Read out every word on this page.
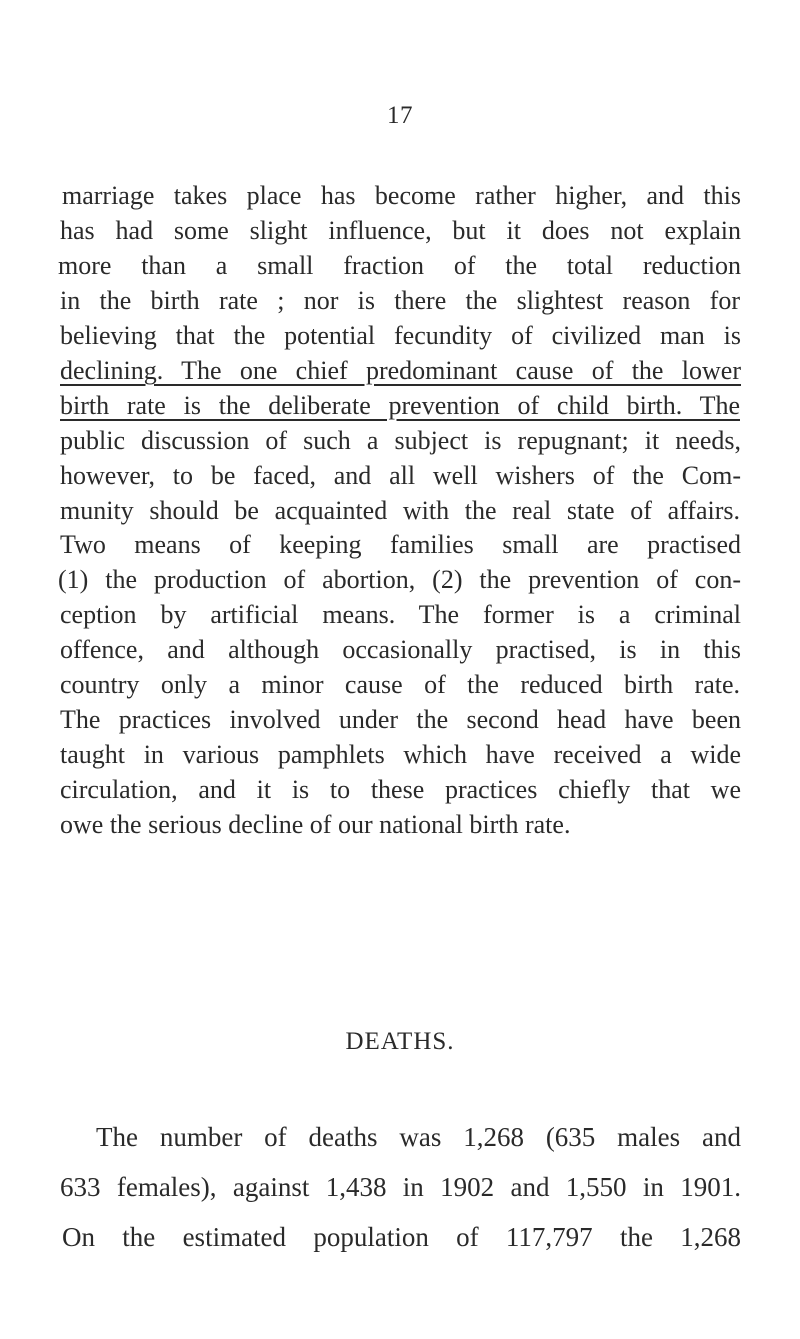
17
marriage takes place has become rather higher, and this
has had some slight influence, but it does not explain
more than a small fraction of the total reduction
in the birth rate ; nor is there the slightest reason for
believing that the potential fecundity of civilized man is
declining. The one chief predominant cause of the lower
birth rate is the deliberate prevention of child birth. The
public discussion of such a subject is repugnant; it needs,
however, to be faced, and all well wishers of the Com-
munity should be acquainted with the real state of affairs.
Two means of keeping families small are practised
(1) the production of abortion, (2) the prevention of con-
ception by artificial means. The former is a criminal
offence, and although occasionally practised, is in this
country only a minor cause of the reduced birth rate.
The practices involved under the second head have been
taught in various pamphlets which have received a wide
circulation, and it is to these practices chiefly that we
owe the serious decline of our national birth rate.
DEATHS.
The number of deaths was 1,268 (635 males and
633 females), against 1,438 in 1902 and 1,550 in 1901.
On the estimated population of 117,797 the 1,268
